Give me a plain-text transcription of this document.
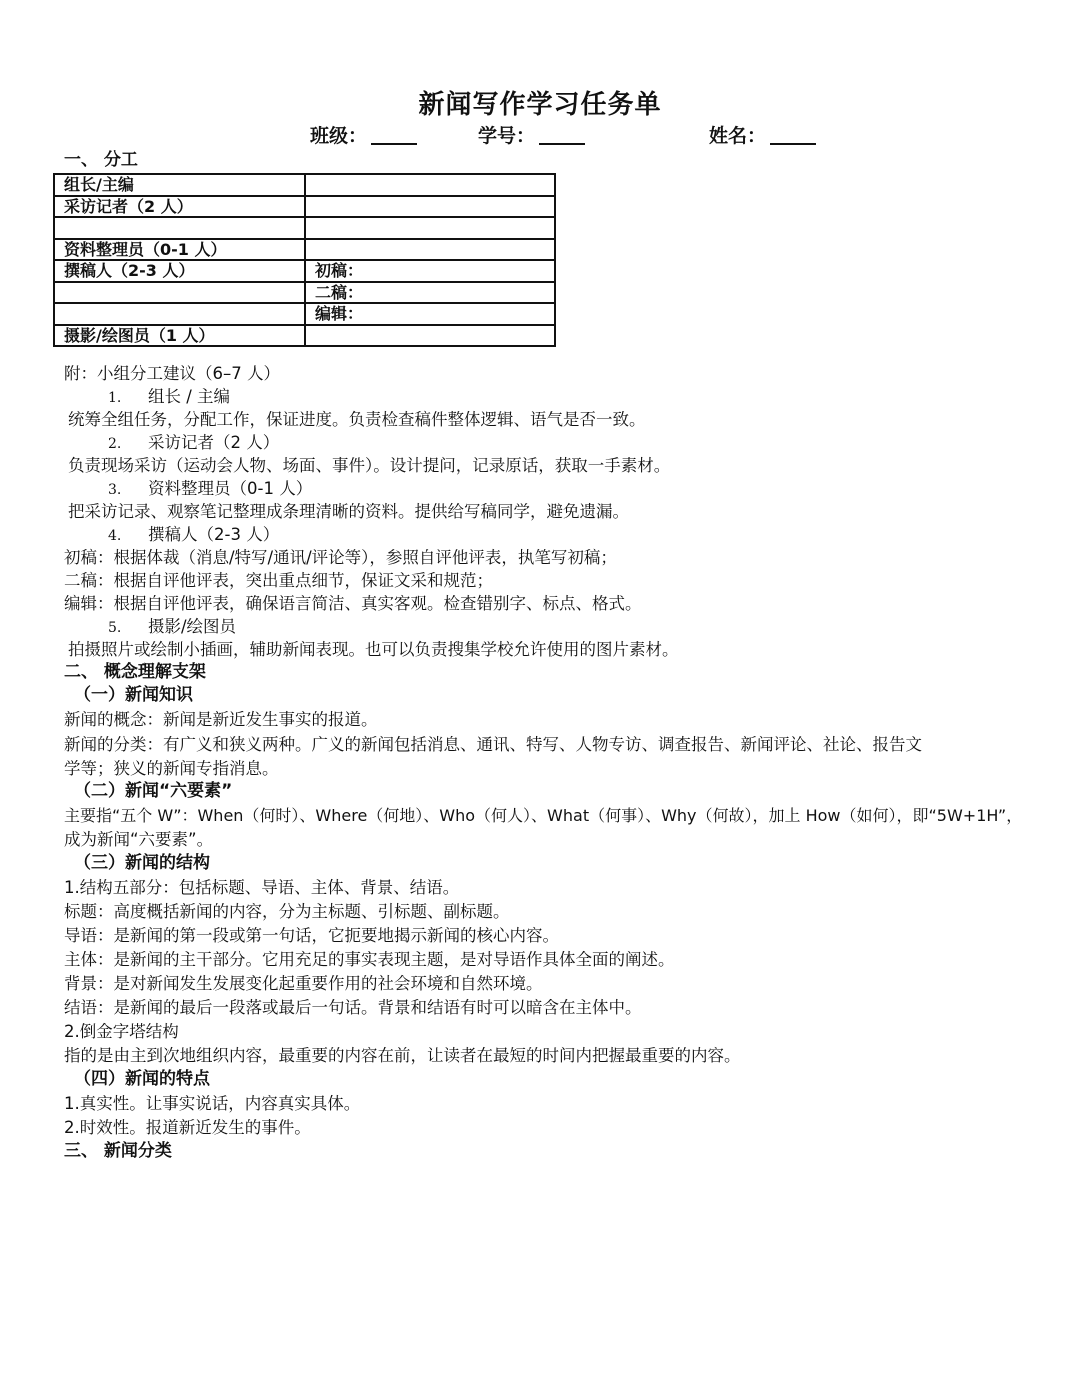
新闻写作学习任务单
班级：	学号：	姓名：
一、 分工
组长/主编	
采访记者（2 人）	

资料整理员（0-1 人）	
撰稿人（2-3 人）	初稿：
	二稿：
	编辑：
摄影/绘图员（1 人）	
附：小组分工建议（6–7 人）
1. 组长 / 主编
统筹全组任务，分配工作，保证进度。负责检查稿件整体逻辑、语气是否一致。
2. 采访记者（2 人）
负责现场采访（运动会人物、场面、事件）。设计提问，记录原话，获取一手素材。
3. 资料整理员（0-1 人）
把采访记录、观察笔记整理成条理清晰的资料。提供给写稿同学，避免遗漏。
4. 撰稿人（2-3 人）
初稿：根据体裁（消息/特写/通讯/评论等），参照自评他评表，执笔写初稿；
二稿：根据自评他评表，突出重点细节，保证文采和规范；
编辑：根据自评他评表，确保语言简洁、真实客观。检查错别字、标点、格式。
5. 摄影/绘图员
拍摄照片或绘制小插画，辅助新闻表现。也可以负责搜集学校允许使用的图片素材。
二、 概念理解支架
（一）新闻知识
新闻的概念：新闻是新近发生事实的报道。
新闻的分类：有广义和狭义两种。广义的新闻包括消息、通讯、特写、人物专访、调查报告、新闻评论、社论、报告文
学等；狭义的新闻专指消息。
（二）新闻“六要素”
主要指“五个 W”：When（何时）、Where（何地）、Who（何人）、What（何事）、Why（何故），加上 How（如何），即“5W+1H”，
成为新闻“六要素”。
（三）新闻的结构
1.结构五部分：包括标题、导语、主体、背景、结语。
标题：高度概括新闻的内容，分为主标题、引标题、副标题。
导语：是新闻的第一段或第一句话，它扼要地揭示新闻的核心内容。
主体：是新闻的主干部分。它用充足的事实表现主题，是对导语作具体全面的阐述。
背景：是对新闻发生发展变化起重要作用的社会环境和自然环境。
结语：是新闻的最后一段落或最后一句话。背景和结语有时可以暗含在主体中。
2.倒金字塔结构
指的是由主到次地组织内容，最重要的内容在前，让读者在最短的时间内把握最重要的内容。
（四）新闻的特点
1.真实性。让事实说话，内容真实具体。
2.时效性。报道新近发生的事件。
三、 新闻分类
